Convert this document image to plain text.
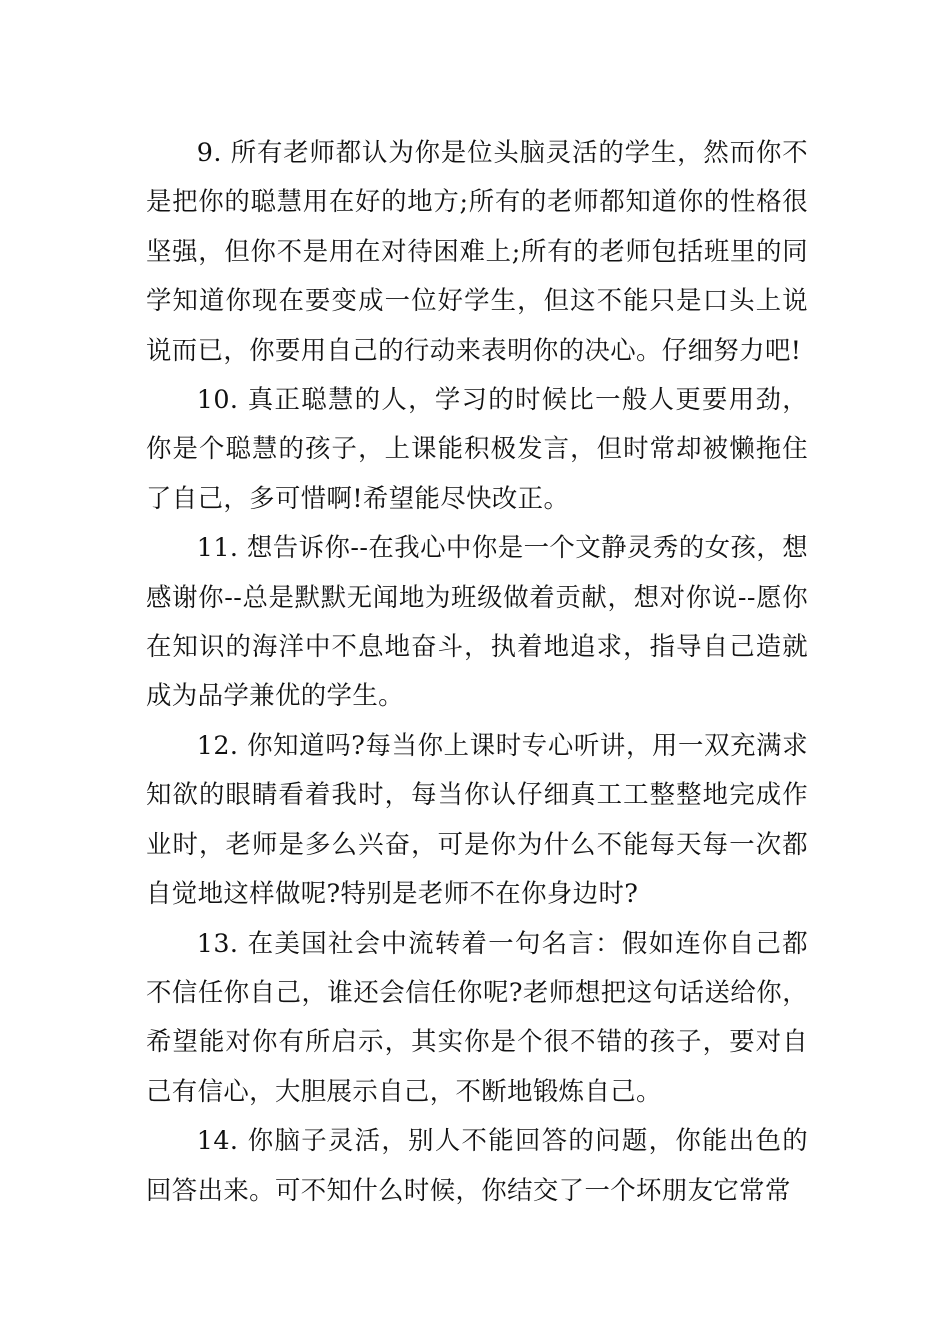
9. 所有老师都认为你是位头脑灵活的学生，然而你不是把你的聪慧用在好的地方;所有的老师都知道你的性格很坚强，但你不是用在对待困难上;所有的老师包括班里的同学知道你现在要变成一位好学生，但这不能只是口头上说说而已，你要用自己的行动来表明你的决心。仔细努力吧!

10. 真正聪慧的人，学习的时候比一般人更要用劲，你是个聪慧的孩子，上课能积极发言，但时常却被懒拖住了自己，多可惜啊!希望能尽快改正。

11. 想告诉你--在我心中你是一个文静灵秀的女孩，想感谢你--总是默默无闻地为班级做着贡献，想对你说--愿你在知识的海洋中不息地奋斗，执着地追求，指导自己造就成为品学兼优的学生。

12. 你知道吗?每当你上课时专心听讲，用一双充满求知欲的眼睛看着我时，每当你认仔细真工工整整地完成作业时，老师是多么兴奋，可是你为什么不能每天每一次都自觉地这样做呢?特别是老师不在你身边时?

13. 在美国社会中流转着一句名言：假如连你自己都不信任你自己，谁还会信任你呢?老师想把这句话送给你，希望能对你有所启示，其实你是个很不错的孩子，要对自己有信心，大胆展示自己，不断地锻炼自己。

14. 你脑子灵活，别人不能回答的问题，你能出色的回答出来。可不知什么时候，你结交了一个坏朋友它常常
